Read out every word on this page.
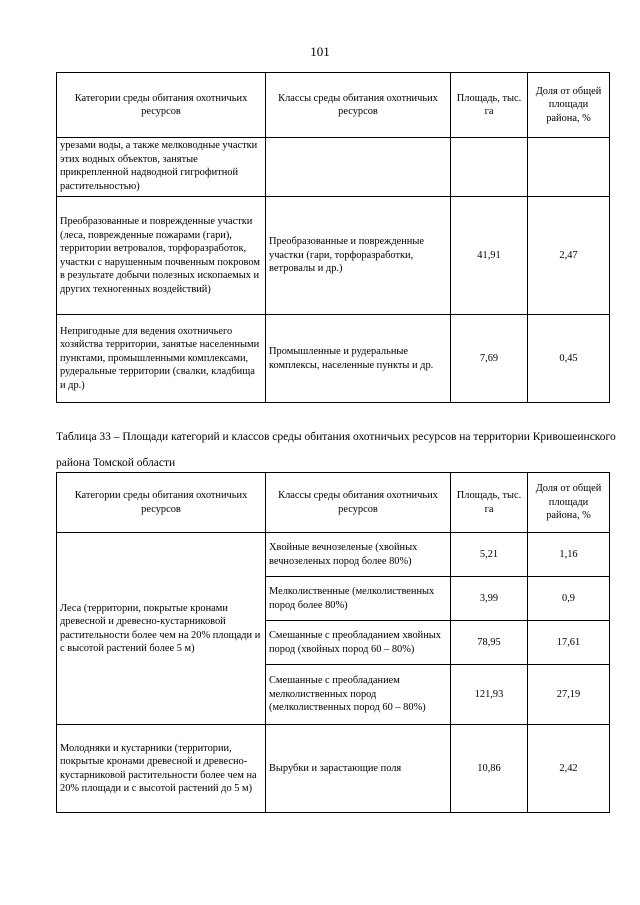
101
Категории среды обитания охотничьих ресурсов	Классы среды обитания охотничьих ресурсов	Площадь, тыс. га	Доля от общей площади района, %
урезами воды, а также мелководные участки этих водных объектов, занятые прикрепленной надводной гигрофитной растительностью)			
Преобразованные и поврежденные участки (леса, поврежденные пожарами (гари), территории ветровалов, торфоразработок, участки с нарушенным почвенным покровом в результате добычи полезных ископаемых и других техногенных воздействий)	Преобразованные и поврежденные участки (гари, торфоразработки, ветровалы и др.)	41,91	2,47
Непригодные для ведения охотничьего хозяйства территории, занятые населенными пунктами, промышленными комплексами, рудеральные территории (свалки, кладбища и др.)	Промышленные и рудеральные комплексы, населенные пункты и др.	7,69	0,45
Таблица 33 – Площади категорий и классов среды обитания охотничьих ресурсов на территории Кривошеинского района Томской области
Категории среды обитания охотничьих ресурсов	Классы среды обитания охотничьих ресурсов	Площадь, тыс. га	Доля от общей площади района, %
Леса (территории, покрытые кронами древесной и древесно-кустарниковой растительности более чем на 20% площади и с высотой растений более 5 м)	Хвойные вечнозеленые (хвойных вечнозеленых пород более 80%)	5,21	1,16
	Мелколиственные (мелколиственных пород более 80%)	3,99	0,9
	Смешанные с преобладанием хвойных пород (хвойных пород 60 – 80%)	78,95	17,61
	Смешанные с преобладанием мелколиственных пород (мелколиственных пород 60 – 80%)	121,93	27,19
Молодняки и кустарники (территории, покрытые кронами древесной и древесно-кустарниковой растительности более чем на 20% площади и с высотой растений до 5 м)	Вырубки и зарастающие поля	10,86	2,42
